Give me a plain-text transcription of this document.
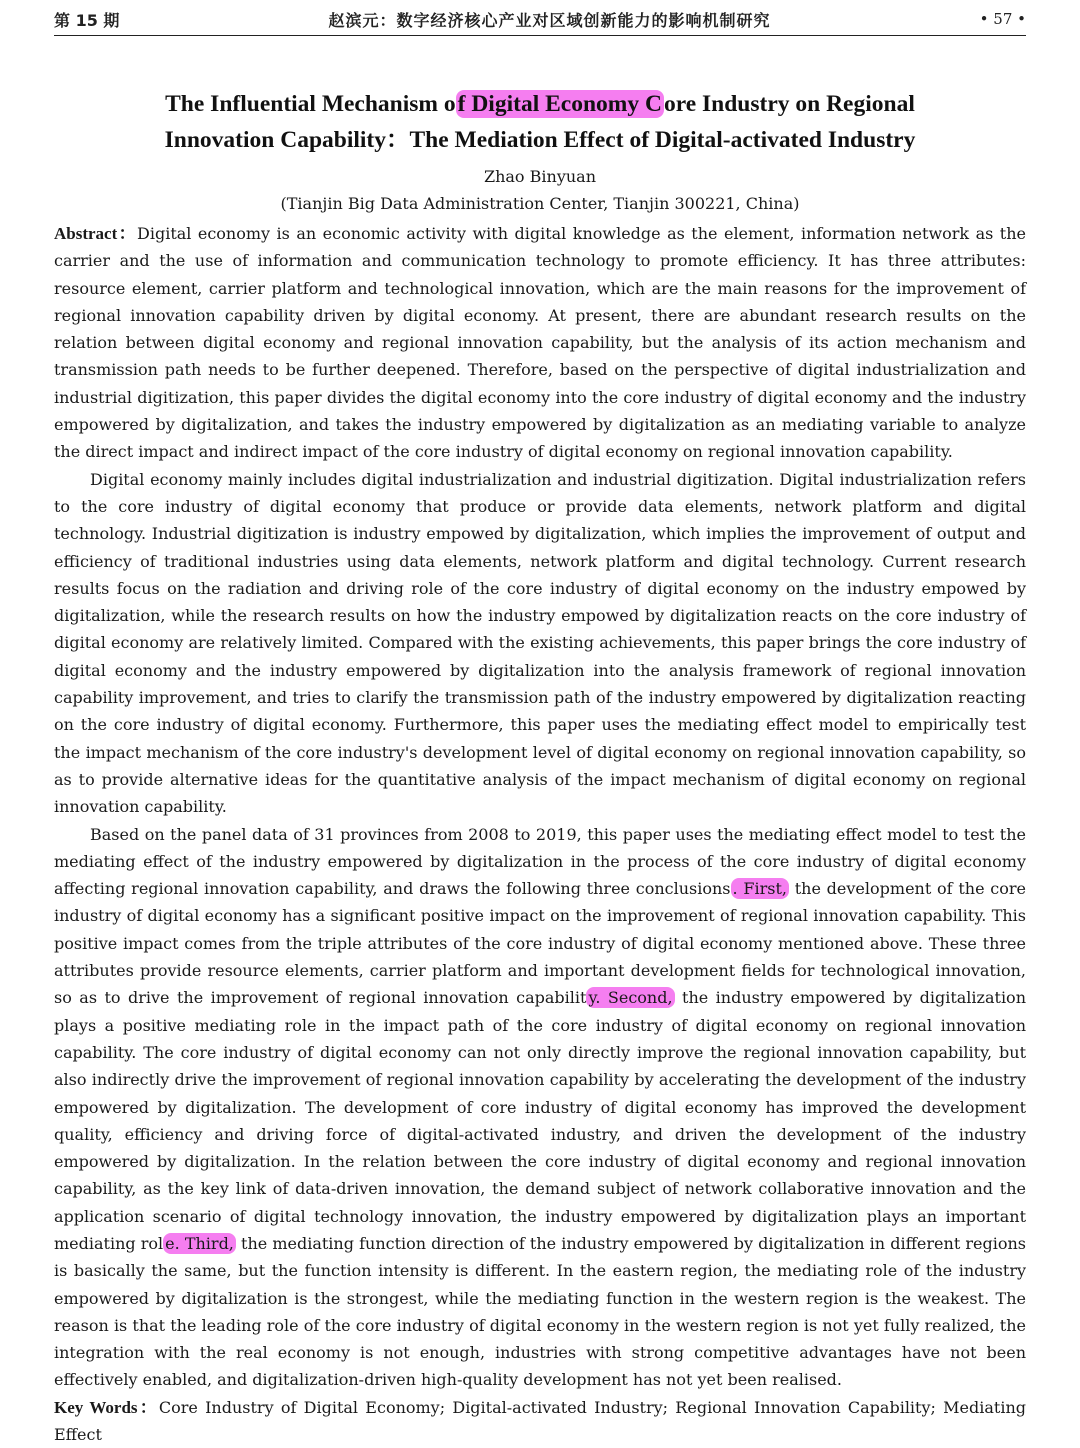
第 15 期	赵滨元：数字经济核心产业对区域创新能力的影响机制研究	• 57 •
The Influential Mechanism of Digital Economy Core Industry on Regional
Innovation Capability：The Mediation Effect of Digital-activated Industry
Zhao Binyuan
(Tianjin Big Data Administration Center, Tianjin 300221, China)

Abstract：Digital economy is an economic activity with digital knowledge as the element, information network as the carrier and the use of information and communication technology to promote efficiency. It has three attributes: resource element, carrier platform and technological innovation, which are the main reasons for the improvement of regional innovation capability driven by digital economy. At present, there are abundant research results on the relation between digital economy and regional innovation capability, but the analysis of its action mechanism and transmission path needs to be further deepened. Therefore, based on the perspective of digital industrialization and industrial digitization, this paper divides the digital economy into the core industry of digital economy and the industry empowered by digitalization, and takes the industry empowered by digitalization as an mediating variable to analyze the direct impact and indirect impact of the core industry of digital economy on regional innovation capability.

Digital economy mainly includes digital industrialization and industrial digitization. Digital industrialization refers to the core industry of digital economy that produce or provide data elements, network platform and digital technology. Industrial digitization is industry empowed by digitalization, which implies the improvement of output and efficiency of traditional industries using data elements, network platform and digital technology. Current research results focus on the radiation and driving role of the core industry of digital economy on the industry empowed by digitalization, while the research results on how the industry empowed by digitalization reacts on the core industry of digital economy are relatively limited. Compared with the existing achievements, this paper brings the core industry of digital economy and the industry empowered by digitalization into the analysis framework of regional innovation capability improvement, and tries to clarify the transmission path of the industry empowered by digitalization reacting on the core industry of digital economy. Furthermore, this paper uses the mediating effect model to empirically test the impact mechanism of the core industry's development level of digital economy on regional innovation capability, so as to provide alternative ideas for the quantitative analysis of the impact mechanism of digital economy on regional innovation capability.

Based on the panel data of 31 provinces from 2008 to 2019, this paper uses the mediating effect model to test the mediating effect of the industry empowered by digitalization in the process of the core industry of digital economy affecting regional innovation capability, and draws the following three conclusions . First, the development of the core industry of digital economy has a significant positive impact on the improvement of regional innovation capability. This positive impact comes from the triple attributes of the core industry of digital economy mentioned above. These three attributes provide resource elements, carrier platform and important development fields for technological innovation, so as to drive the improvement of regional innovation capabilit y. Second, the industry empowered by digitalization plays a positive mediating role in the impact path of the core industry of digital economy on regional innovation capability. The core industry of digital economy can not only directly improve the regional innovation capability, but also indirectly drive the improvement of regional innovation capability by accelerating the development of the industry empowered by digitalization. The development of core industry of digital economy has improved the development quality, efficiency and driving force of digital-activated industry, and driven the development of the industry empowered by digitalization. In the relation between the core industry of digital economy and regional innovation capability, as the key link of data-driven innovation, the demand subject of network collaborative innovation and the application scenario of digital technology innovation, the industry empowered by digitalization plays an important mediating rol e. Third, the mediating function direction of the industry empowered by digitalization in different regions is basically the same, but the function intensity is different. In the eastern region, the mediating role of the industry empowered by digitalization is the strongest, while the mediating function in the western region is the weakest. The reason is that the leading role of the core industry of digital economy in the western region is not yet fully realized, the integration with the real economy is not enough, industries with strong competitive advantages have not been effectively enabled, and digitalization-driven high-quality development has not yet been realised.

Key Words：Core Industry of Digital Economy; Digital-activated Industry; Regional Innovation Capability; Mediating Effect
